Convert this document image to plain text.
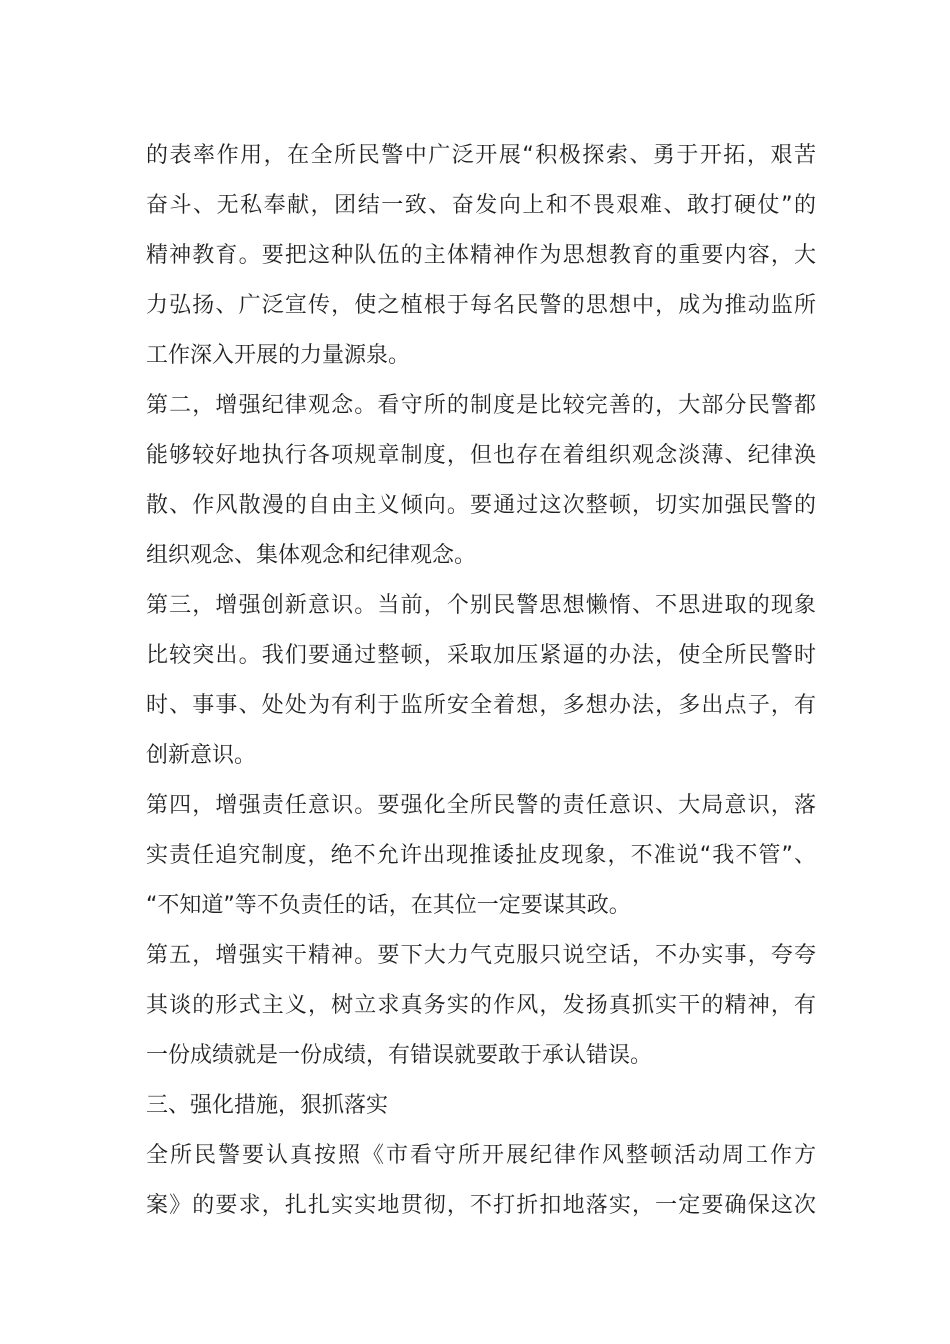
的表率作用，在全所民警中广泛开展“积极探索、勇于开拓，艰苦
奋斗、无私奉献，团结一致、奋发向上和不畏艰难、敢打硬仗”的
精神教育。要把这种队伍的主体精神作为思想教育的重要内容，大
力弘扬、广泛宣传，使之植根于每名民警的思想中，成为推动监所
工作深入开展的力量源泉。
第二，增强纪律观念。看守所的制度是比较完善的，大部分民警都
能够较好地执行各项规章制度，但也存在着组织观念淡薄、纪律涣
散、作风散漫的自由主义倾向。要通过这次整顿，切实加强民警的
组织观念、集体观念和纪律观念。
第三，增强创新意识。当前，个别民警思想懒惰、不思进取的现象
比较突出。我们要通过整顿，采取加压紧逼的办法，使全所民警时
时、事事、处处为有利于监所安全着想，多想办法，多出点子，有
创新意识。
第四，增强责任意识。要强化全所民警的责任意识、大局意识，落
实责任追究制度，绝不允许出现推诿扯皮现象，不准说“我不管”、
“不知道”等不负责任的话，在其位一定要谋其政。
第五，增强实干精神。要下大力气克服只说空话，不办实事，夸夸
其谈的形式主义，树立求真务实的作风，发扬真抓实干的精神，有
一份成绩就是一份成绩，有错误就要敢于承认错误。
三、强化措施，狠抓落实
全所民警要认真按照《市看守所开展纪律作风整顿活动周工作方
案》的要求，扎扎实实地贯彻，不打折扣地落实，一定要确保这次
